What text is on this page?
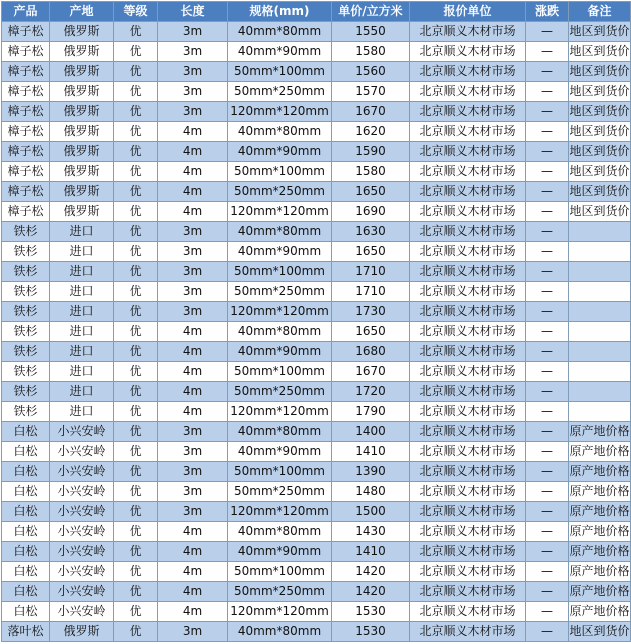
产品	产地	等级	长度	规格(mm)	单价/立方米	报价单位	涨跌	备注
樟子松	俄罗斯	优	3m	40mm*80mm	1550	北京顺义木材市场	—	地区到货价
樟子松	俄罗斯	优	3m	40mm*90mm	1580	北京顺义木材市场	—	地区到货价
樟子松	俄罗斯	优	3m	50mm*100mm	1560	北京顺义木材市场	—	地区到货价
樟子松	俄罗斯	优	3m	50mm*250mm	1570	北京顺义木材市场	—	地区到货价
樟子松	俄罗斯	优	3m	120mm*120mm	1670	北京顺义木材市场	—	地区到货价
樟子松	俄罗斯	优	4m	40mm*80mm	1620	北京顺义木材市场	—	地区到货价
樟子松	俄罗斯	优	4m	40mm*90mm	1590	北京顺义木材市场	—	地区到货价
樟子松	俄罗斯	优	4m	50mm*100mm	1580	北京顺义木材市场	—	地区到货价
樟子松	俄罗斯	优	4m	50mm*250mm	1650	北京顺义木材市场	—	地区到货价
樟子松	俄罗斯	优	4m	120mm*120mm	1690	北京顺义木材市场	—	地区到货价
铁杉	进口	优	3m	40mm*80mm	1630	北京顺义木材市场	—	
铁杉	进口	优	3m	40mm*90mm	1650	北京顺义木材市场	—	
铁杉	进口	优	3m	50mm*100mm	1710	北京顺义木材市场	—	
铁杉	进口	优	3m	50mm*250mm	1710	北京顺义木材市场	—	
铁杉	进口	优	3m	120mm*120mm	1730	北京顺义木材市场	—	
铁杉	进口	优	4m	40mm*80mm	1650	北京顺义木材市场	—	
铁杉	进口	优	4m	40mm*90mm	1680	北京顺义木材市场	—	
铁杉	进口	优	4m	50mm*100mm	1670	北京顺义木材市场	—	
铁杉	进口	优	4m	50mm*250mm	1720	北京顺义木材市场	—	
铁杉	进口	优	4m	120mm*120mm	1790	北京顺义木材市场	—	
白松	小兴安岭	优	3m	40mm*80mm	1400	北京顺义木材市场	—	原产地价格
白松	小兴安岭	优	3m	40mm*90mm	1410	北京顺义木材市场	—	原产地价格
白松	小兴安岭	优	3m	50mm*100mm	1390	北京顺义木材市场	—	原产地价格
白松	小兴安岭	优	3m	50mm*250mm	1480	北京顺义木材市场	—	原产地价格
白松	小兴安岭	优	3m	120mm*120mm	1500	北京顺义木材市场	—	原产地价格
白松	小兴安岭	优	4m	40mm*80mm	1430	北京顺义木材市场	—	原产地价格
白松	小兴安岭	优	4m	40mm*90mm	1410	北京顺义木材市场	—	原产地价格
白松	小兴安岭	优	4m	50mm*100mm	1420	北京顺义木材市场	—	原产地价格
白松	小兴安岭	优	4m	50mm*250mm	1420	北京顺义木材市场	—	原产地价格
白松	小兴安岭	优	4m	120mm*120mm	1530	北京顺义木材市场	—	原产地价格
落叶松	俄罗斯	优	3m	40mm*80mm	1530	北京顺义木材市场	—	地区到货价
